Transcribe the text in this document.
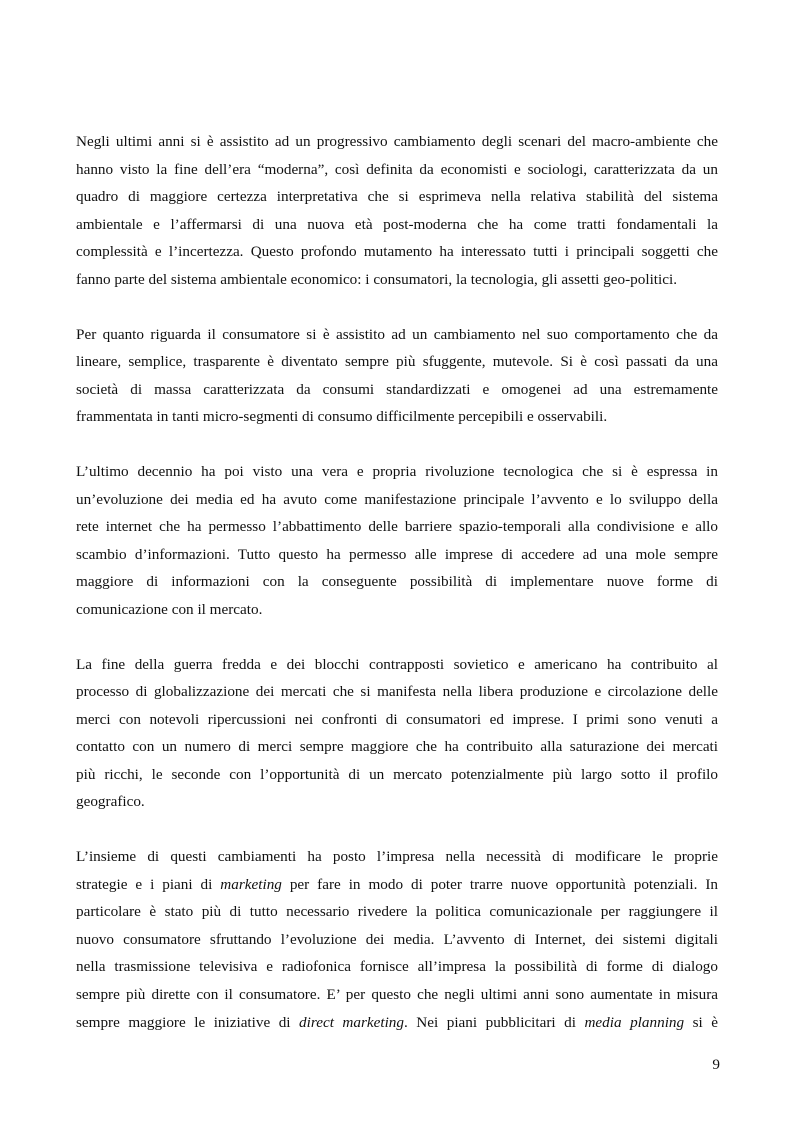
Negli ultimi anni si è assistito ad un progressivo cambiamento degli scenari del macro-ambiente che
hanno visto la fine dell’era “moderna”, così definita da economisti e sociologi, caratterizzata da un
quadro di maggiore certezza interpretativa che si esprimeva nella relativa stabilità del sistema
ambientale e l’affermarsi di una nuova età post-moderna che ha come tratti fondamentali la
complessità e l’incertezza. Questo profondo mutamento ha interessato tutti i principali soggetti che
fanno parte del sistema ambientale economico: i consumatori, la tecnologia, gli assetti geo-politici.

Per quanto riguarda il consumatore si è assistito ad un cambiamento nel suo comportamento che da
lineare, semplice, trasparente è diventato sempre più sfuggente, mutevole. Si è così passati da una
società di massa caratterizzata da consumi standardizzati e omogenei ad una estremamente
frammentata in tanti micro-segmenti di consumo difficilmente percepibili e osservabili.

L’ultimo decennio ha poi visto una vera e propria rivoluzione tecnologica che si è espressa in
un’evoluzione dei media ed ha avuto come manifestazione principale l’avvento e lo sviluppo della
rete internet che ha permesso l’abbattimento delle barriere spazio-temporali alla condivisione e allo
scambio d’informazioni. Tutto questo ha permesso alle imprese di accedere ad una mole sempre
maggiore di informazioni con la conseguente possibilità di implementare nuove forme di
comunicazione con il mercato.

La fine della guerra fredda e dei blocchi contrapposti sovietico e americano ha contribuito al
processo di globalizzazione dei mercati che si manifesta nella libera produzione e circolazione delle
merci con notevoli ripercussioni nei confronti di consumatori ed imprese. I primi sono venuti a
contatto con un numero di merci sempre maggiore che ha contribuito alla saturazione dei mercati
più ricchi, le seconde con l’opportunità di un mercato potenzialmente più largo sotto il profilo
geografico.

L’insieme di questi cambiamenti ha posto l’impresa nella necessità di modificare le proprie
strategie e i piani di marketing per fare in modo di poter trarre nuove opportunità potenziali. In
particolare è stato più di tutto necessario rivedere la politica comunicazionale per raggiungere il
nuovo consumatore sfruttando l’evoluzione dei media. L’avvento di Internet, dei sistemi digitali
nella trasmissione televisiva e radiofonica fornisce all’impresa la possibilità di forme di dialogo
sempre più dirette con il consumatore. E’ per questo che negli ultimi anni sono aumentate in misura
sempre maggiore le iniziative di direct marketing. Nei piani pubblicitari di media planning si è

9
